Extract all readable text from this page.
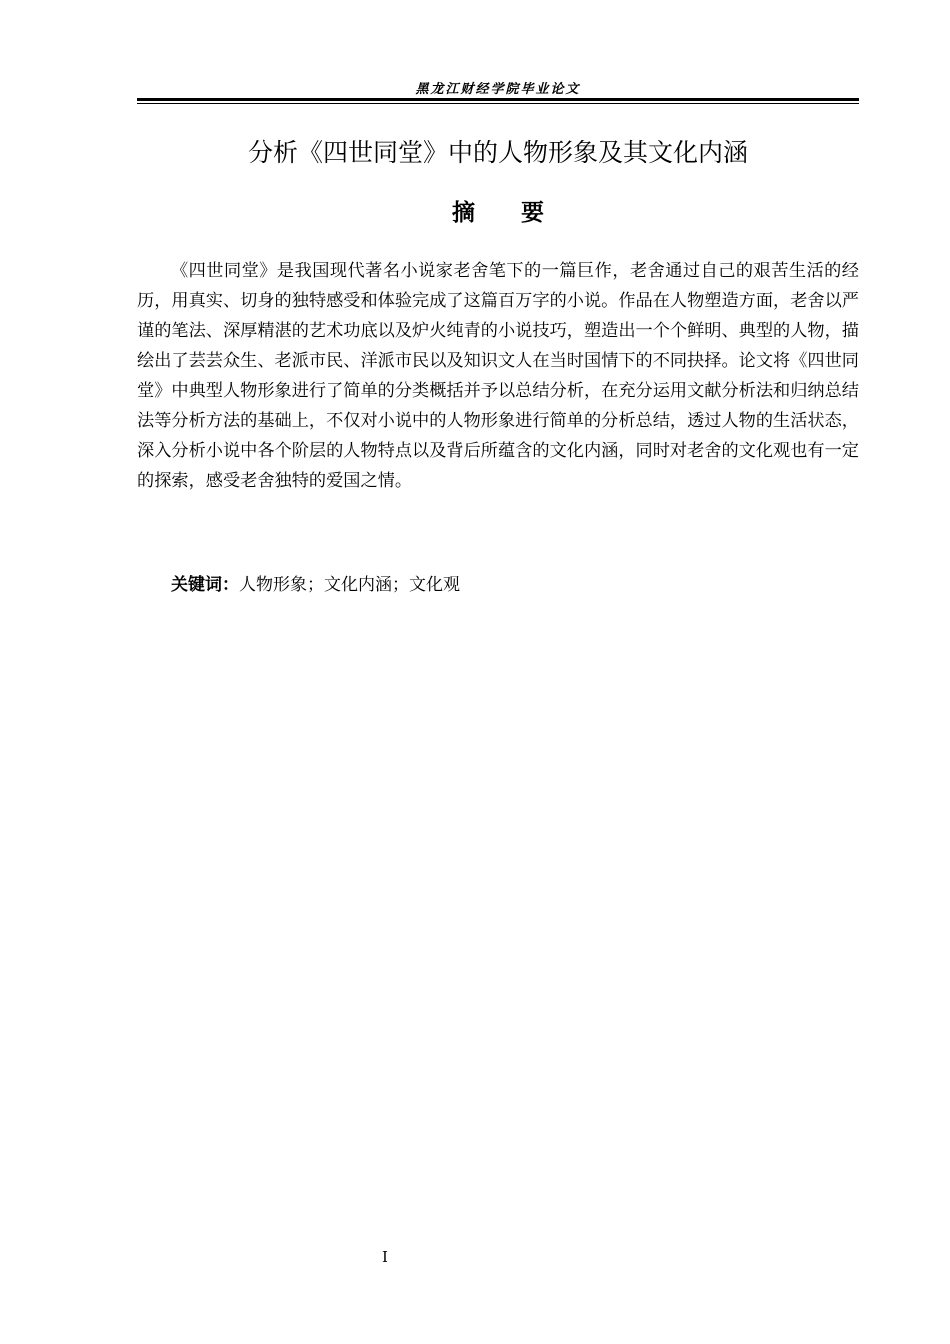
黑龙江财经学院毕业论文
分析《四世同堂》中的人物形象及其文化内涵
摘 要

《四世同堂》是我国现代著名小说家老舍笔下的一篇巨作，老舍通过自己的艰苦生活的经历，用真实、切身的独特感受和体验完成了这篇百万字的小说。作品在人物塑造方面，老舍以严谨的笔法、深厚精湛的艺术功底以及炉火纯青的小说技巧，塑造出一个个鲜明、典型的人物，描绘出了芸芸众生、老派市民、洋派市民以及知识文人在当时国情下的不同抉择。论文将《四世同堂》中典型人物形象进行了简单的分类概括并予以总结分析，在充分运用文献分析法和归纳总结法等分析方法的基础上，不仅对小说中的人物形象进行简单的分析总结，透过人物的生活状态，深入分析小说中各个阶层的人物特点以及背后所蕴含的文化内涵，同时对老舍的文化观也有一定的探索，感受老舍独特的爱国之情。

关键词：人物形象；文化内涵；文化观
I
